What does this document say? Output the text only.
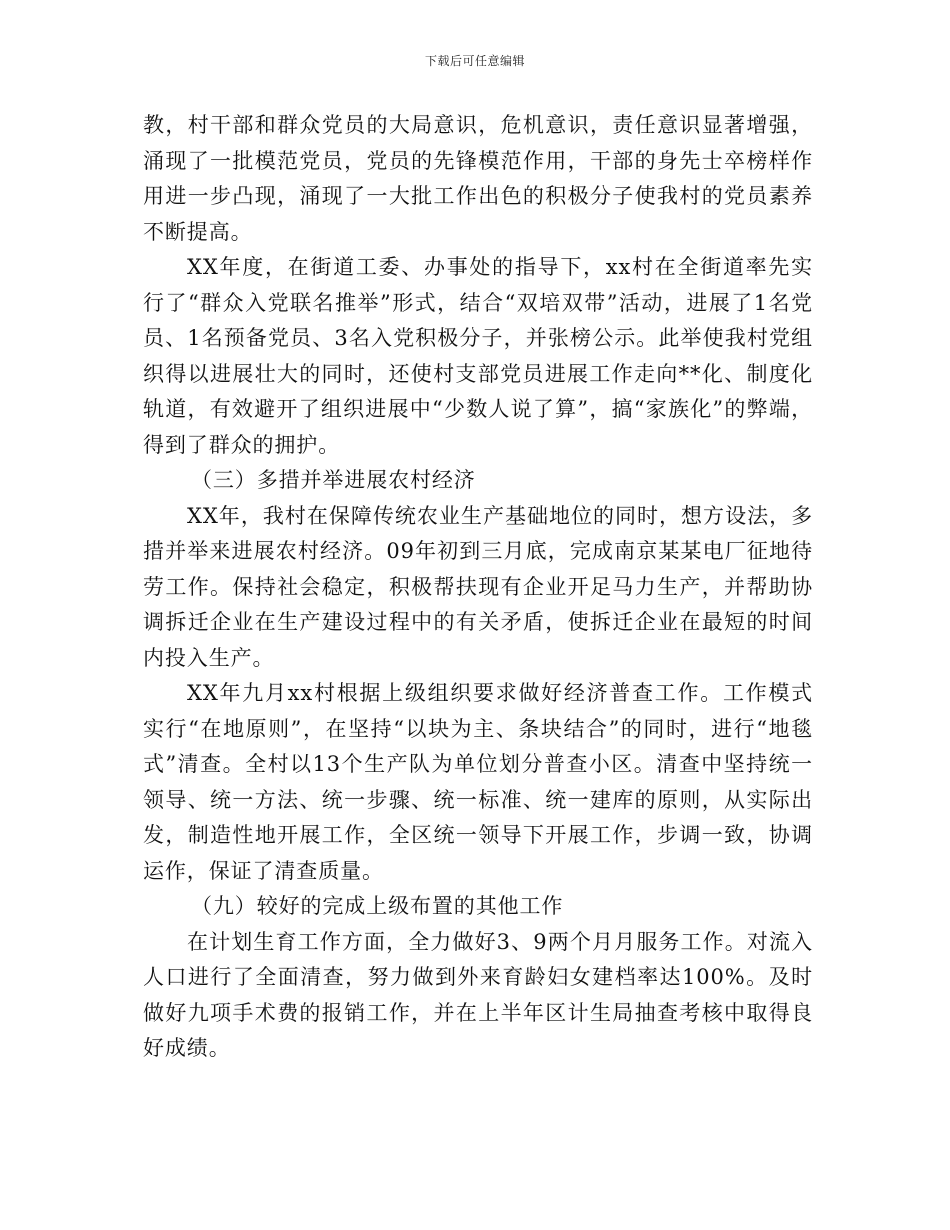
下载后可任意编辑

教，村干部和群众党员的大局意识，危机意识，责任意识显著增强，涌现了一批模范党员，党员的先锋模范作用，干部的身先士卒榜样作用进一步凸现，涌现了一大批工作出色的积极分子使我村的党员素养不断提高。

XX年度，在街道工委、办事处的指导下，xx村在全街道率先实行了“群众入党联名推举”形式，结合“双培双带”活动，进展了1名党员、1名预备党员、3名入党积极分子，并张榜公示。此举使我村党组织得以进展壮大的同时，还使村支部党员进展工作走向**化、制度化轨道，有效避开了组织进展中“少数人说了算”，搞“家族化”的弊端，得到了群众的拥护。

（三）多措并举进展农村经济

XX年，我村在保障传统农业生产基础地位的同时，想方设法，多措并举来进展农村经济。09年初到三月底，完成南京某某电厂征地待劳工作。保持社会稳定，积极帮扶现有企业开足马力生产，并帮助协调拆迁企业在生产建设过程中的有关矛盾，使拆迁企业在最短的时间内投入生产。

XX年九月xx村根据上级组织要求做好经济普查工作。工作模式实行“在地原则”，在坚持“以块为主、条块结合”的同时，进行“地毯式”清查。全村以13个生产队为单位划分普查小区。清查中坚持统一领导、统一方法、统一步骤、统一标准、统一建库的原则，从实际出发，制造性地开展工作，全区统一领导下开展工作，步调一致，协调运作，保证了清查质量。

（九）较好的完成上级布置的其他工作

在计划生育工作方面，全力做好3、9两个月月服务工作。对流入人口进行了全面清查，努力做到外来育龄妇女建档率达100%。及时做好九项手术费的报销工作，并在上半年区计生局抽查考核中取得良好成绩。
